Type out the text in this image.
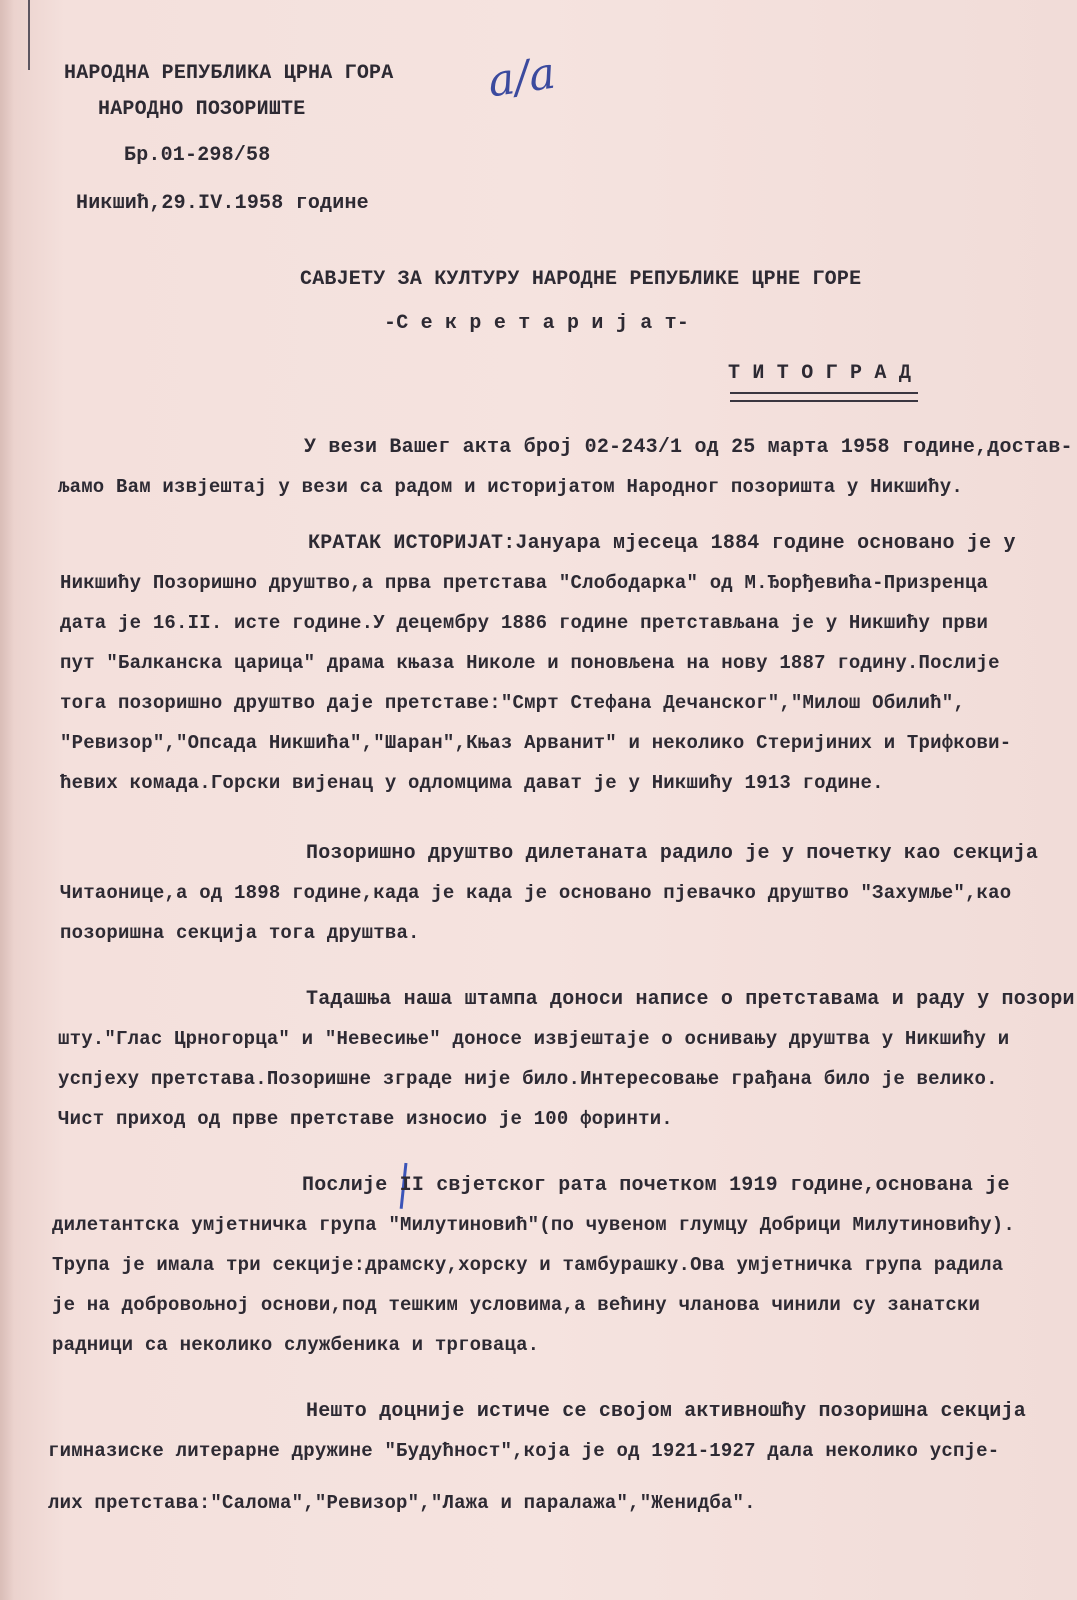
НАРОДНА РЕПУБЛИКА ЦРНА ГОРА
НАРОДНО ПОЗОРИШТЕ
Бр.01-298/58
Никшић,29.IV.1958 године
а/а
САВЈЕТУ ЗА КУЛТУРУ НАРОДНЕ РЕПУБЛИКЕ ЦРНЕ ГОРЕ
-С е к р е т а р и ј а т-
Т И Т О Г Р А Д
У вези Вашег акта број 02-243/1 од 25 марта 1958 године,достав-
љамо Вам извјештај у вези са радом и историјатом Народног позоришта у Никшићу.
КРАТАК ИСТОРИЈАТ:Јануара мјесеца 1884 године основано је у
Никшићу Позоришно друштво,а прва претстава "Слободарка" од М.Ђорђевића-Призренца
дата је 16.II. исте године.У децембру 1886 године претстављана је у Никшићу први
пут "Балканска царица" драма књаза Николе и поновљена на нову 1887 годину.Послије
тога позоришно друштво даје претставе:"Смрт Стефана Дечанског","Милош Обилић",
"Ревизор","Опсада Никшића","Шаран",Књаз Арванит" и неколико Стеријиних и Трифкови-
ћевих комада.Горски вијенац у одломцима дават је у Никшићу 1913 године.
Позоришно друштво дилетаната радило је у почетку као секција
Читаонице,а од 1898 године,када је када је основано пјевачко друштво "Захумље",као
позоришна секција тога друштва.
Тадашња наша штампа доноси написе о претставама и раду у позори
шту."Глас Црногорца" и "Невесиње" доносе извјештаје о оснивању друштва у Никшићу и
успјеху претстава.Позоришне зграде није било.Интересовање грађана било је велико.
Чист приход од прве претставе износио је 100 форинти.
Послије II свјетског рата почетком 1919 године,основана је
дилетантска умјетничка група "Милутиновић"(по чувеном глумцу Добрици Милутиновићу).
Трупа је имала три секције:драмску,хорску и тамбурашку.Ова умјетничка група радила
је на добровољној основи,под тешким условима,а већину чланова чинили су занатски
радници са неколико службеника и трговаца.
Нешто доцније истиче се својом активношћу позоришна секција
гимназиске литерарне дружине "Будућност",која је од 1921-1927 дала неколико успје-
лих претстава:"Салома","Ревизор","Лажа и паралажа","Женидба".
